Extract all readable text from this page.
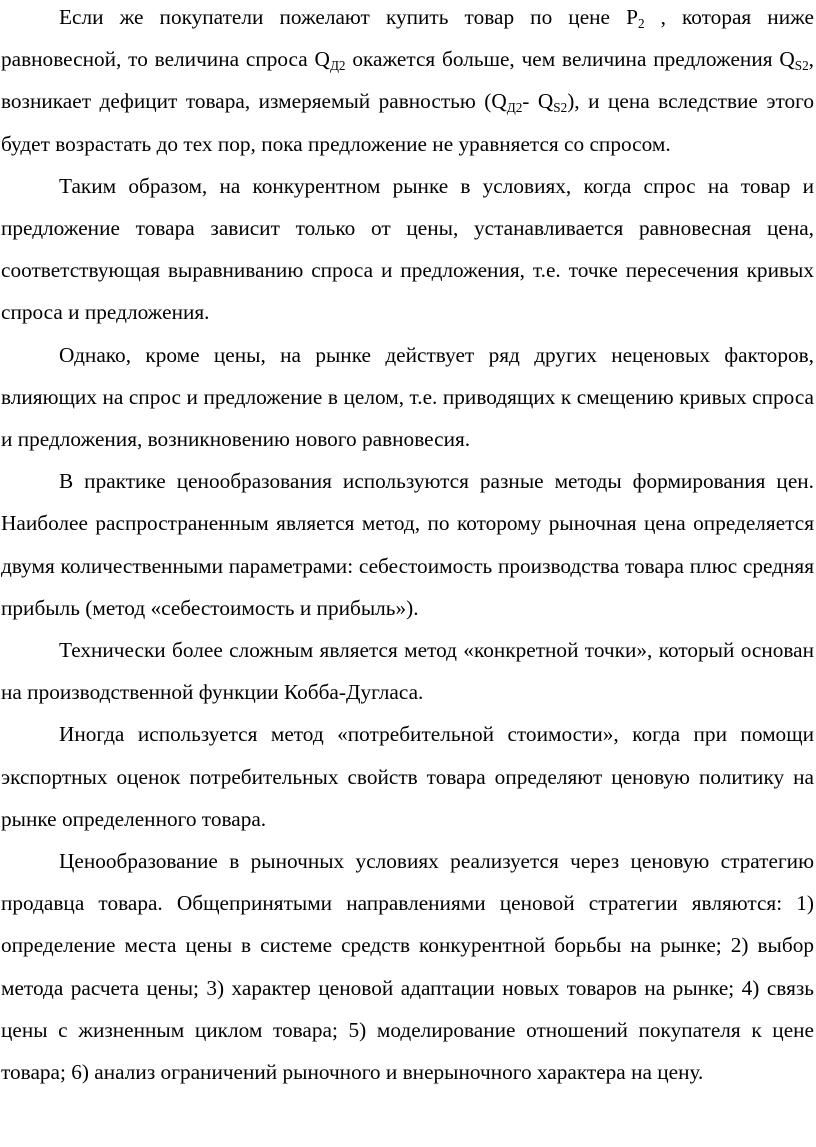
Если же покупатели пожелают купить товар по цене $P_2$ , которая ниже равновесной, то величина спроса $Q_{Д2}$ окажется больше, чем величина предложения $Q_{S2}$, возникает дефицит товара, измеряемый равностью ($Q_{Д2}-$ $Q_{S2}$), и цена вследствие этого будет возрастать до тех пор, пока предложение не уравняется со спросом.

Таким образом, на конкурентном рынке в условиях, когда спрос на товар и предложение товара зависит только от цены, устанавливается равновесная цена, соответствующая выравниванию спроса и предложения, т.е. точке пересечения кривых спроса и предложения.

Однако, кроме цены, на рынке действует ряд других неценовых факторов, влияющих на спрос и предложение в целом, т.е. приводящих к смещению кривых спроса и предложения, возникновению нового равновесия.

В практике ценообразования используются разные методы формирования цен. Наиболее распространенным является метод, по которому рыночная цена определяется двумя количественными параметрами: себестоимость производства товара плюс средняя прибыль (метод «себестоимость и прибыль»).

Технически более сложным является метод «конкретной точки», который основан на производственной функции Кобба-Дугласа.

Иногда используется метод «потребительной стоимости», когда при помощи экспортных оценок потребительных свойств товара определяют ценовую политику на рынке определенного товара.

Ценообразование в рыночных условиях реализуется через ценовую стратегию продавца товара. Общепринятыми направлениями ценовой стратегии являются: 1) определение места цены в системе средств конкурентной борьбы на рынке; 2) выбор метода расчета цены; 3) характер ценовой адаптации новых товаров на рынке; 4) связь цены с жизненным циклом товара; 5) моделирование отношений покупателя к цене товара; 6) анализ ограничений рыночного и внерыночного характера на цену.
